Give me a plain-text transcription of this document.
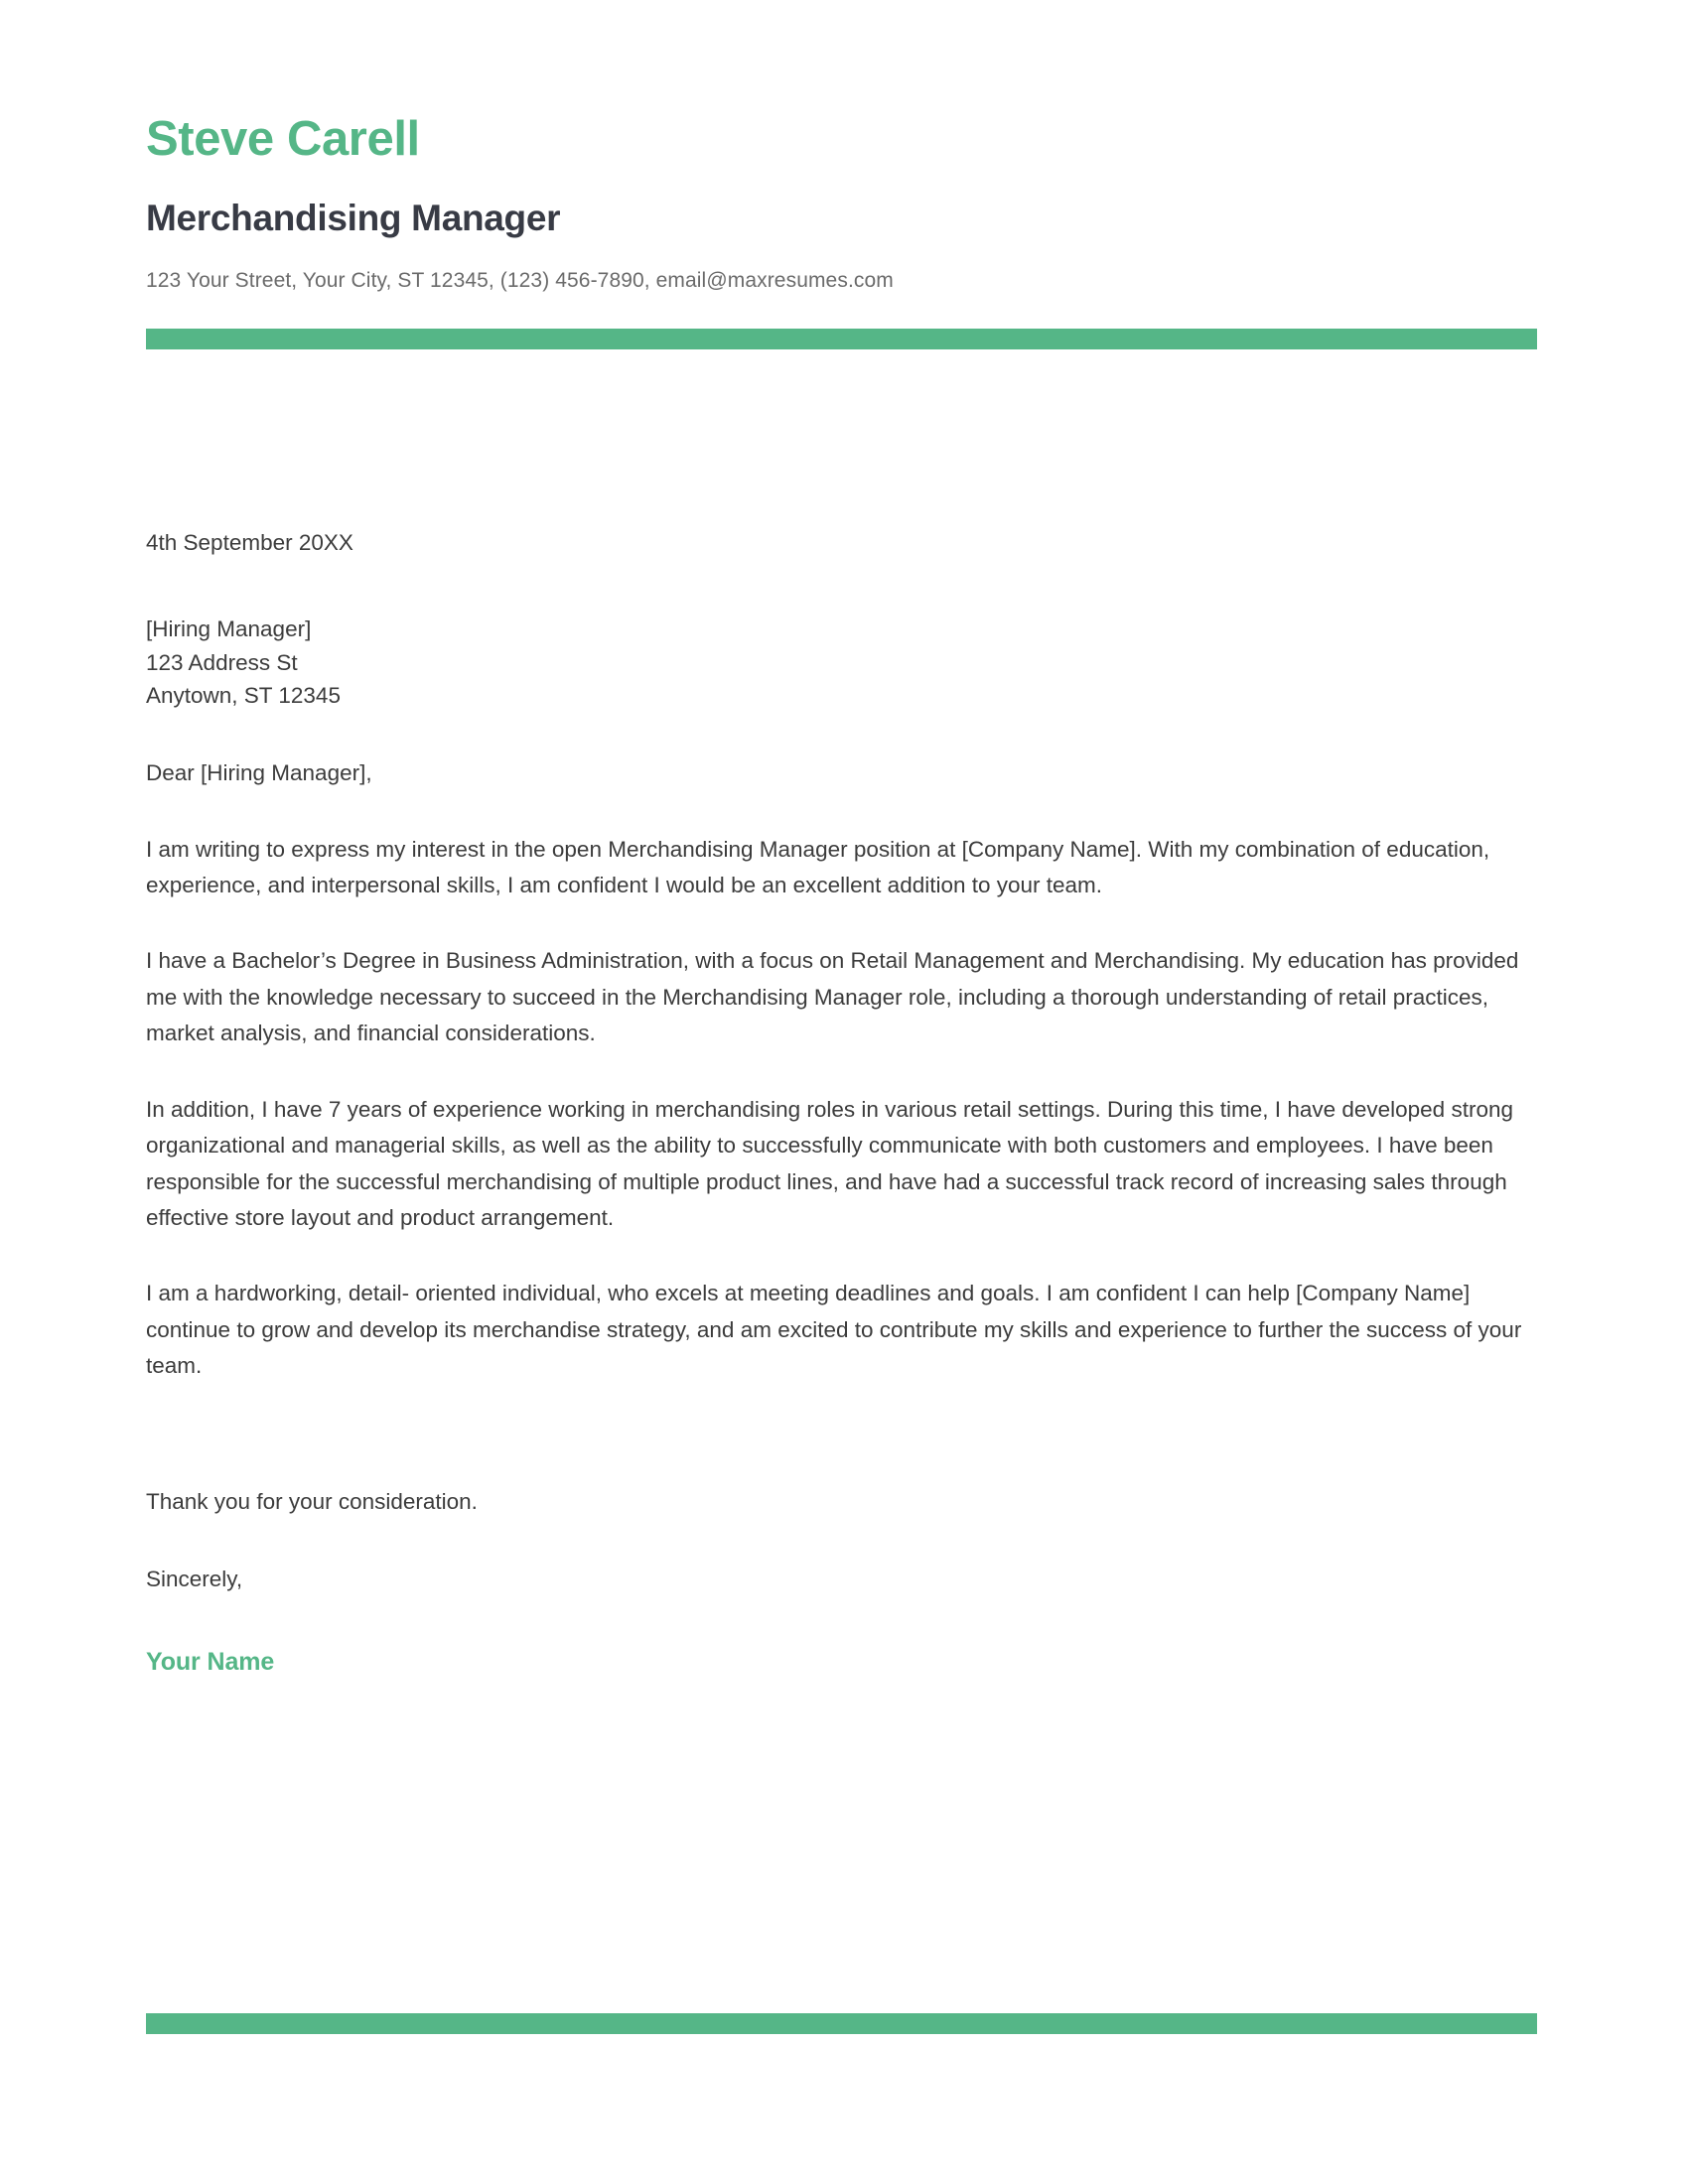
Steve Carell
Merchandising Manager
123 Your Street, Your City, ST 12345, (123) 456-7890, email@maxresumes.com
4th September 20XX
[Hiring Manager]
123 Address St
Anytown, ST 12345
Dear [Hiring Manager],

I am writing to express my interest in the open Merchandising Manager position at [Company Name]. With my combination of education, experience, and interpersonal skills, I am confident I would be an excellent addition to your team.

I have a Bachelor’s Degree in Business Administration, with a focus on Retail Management and Merchandising. My education has provided me with the knowledge necessary to succeed in the Merchandising Manager role, including a thorough understanding of retail practices, market analysis, and financial considerations.

In addition, I have 7 years of experience working in merchandising roles in various retail settings. During this time, I have developed strong organizational and managerial skills, as well as the ability to successfully communicate with both customers and employees. I have been responsible for the successful merchandising of multiple product lines, and have had a successful track record of increasing sales through effective store layout and product arrangement.

I am a hardworking, detail- oriented individual, who excels at meeting deadlines and goals. I am confident I can help [Company Name] continue to grow and develop its merchandise strategy, and am excited to contribute my skills and experience to further the success of your team.

Thank you for your consideration.
Sincerely,
Your Name
